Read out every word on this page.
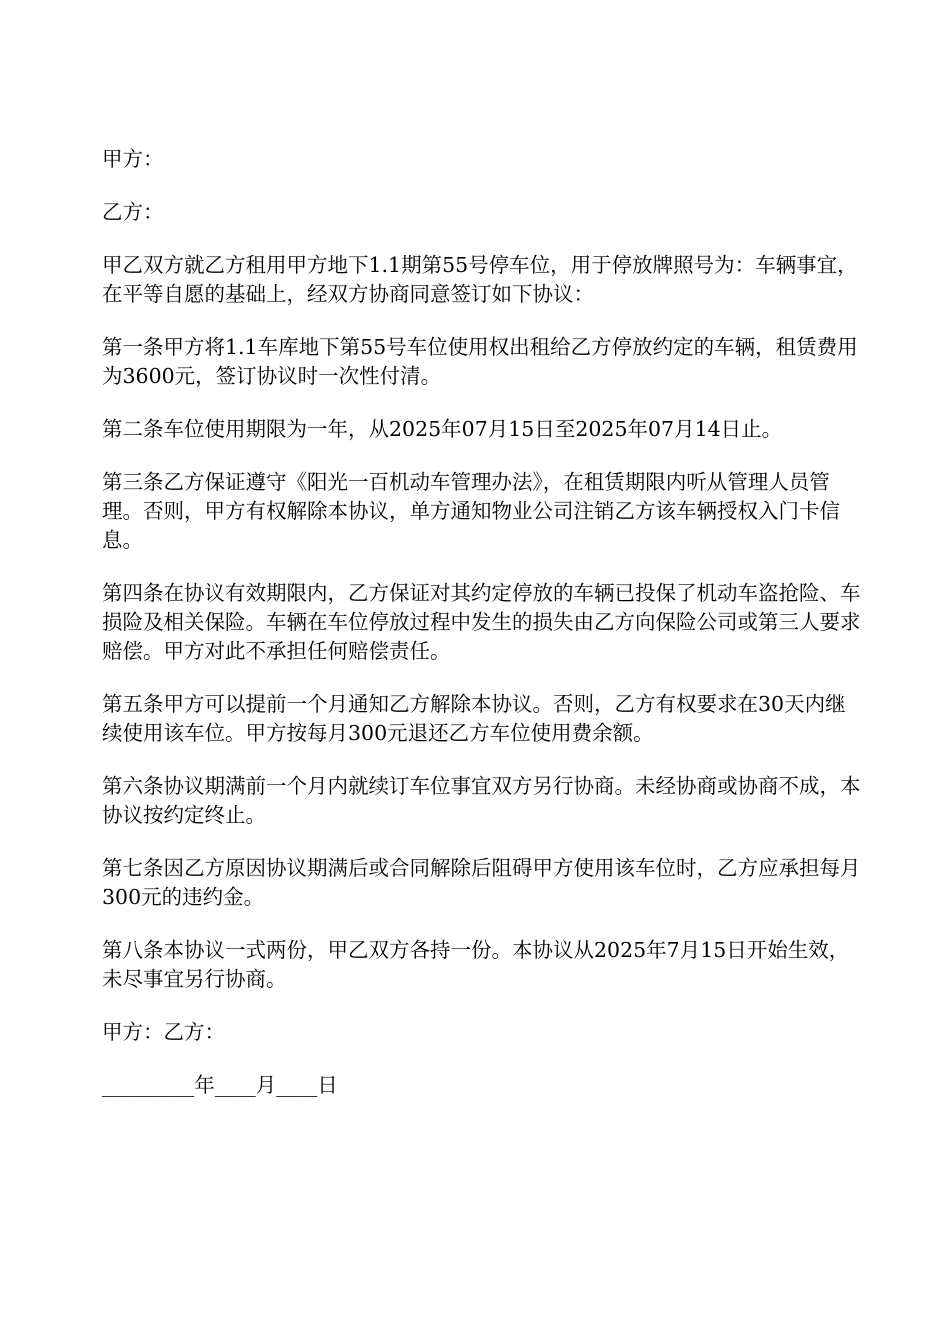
甲方：

乙方：

甲乙双方就乙方租用甲方地下1.1期第55号停车位，用于停放牌照号为：车辆事宜，在平等自愿的基础上，经双方协商同意签订如下协议：

第一条甲方将1.1车库地下第55号车位使用权出租给乙方停放约定的车辆，租赁费用为3600元，签订协议时一次性付清。

第二条车位使用期限为一年，从2025年07月15日至2025年07月14日止。

第三条乙方保证遵守《阳光一百机动车管理办法》，在租赁期限内听从管理人员管理。否则，甲方有权解除本协议，单方通知物业公司注销乙方该车辆授权入门卡信息。

第四条在协议有效期限内，乙方保证对其约定停放的车辆已投保了机动车盗抢险、车损险及相关保险。车辆在车位停放过程中发生的损失由乙方向保险公司或第三人要求赔偿。甲方对此不承担任何赔偿责任。

第五条甲方可以提前一个月通知乙方解除本协议。否则，乙方有权要求在30天内继续使用该车位。甲方按每月300元退还乙方车位使用费余额。

第六条协议期满前一个月内就续订车位事宜双方另行协商。未经协商或协商不成，本协议按约定终止。

第七条因乙方原因协议期满后或合同解除后阻碍甲方使用该车位时，乙方应承担每月300元的违约金。

第八条本协议一式两份，甲乙双方各持一份。本协议从2025年7月15日开始生效，未尽事宜另行协商。

甲方：乙方：

_________年____月____日
